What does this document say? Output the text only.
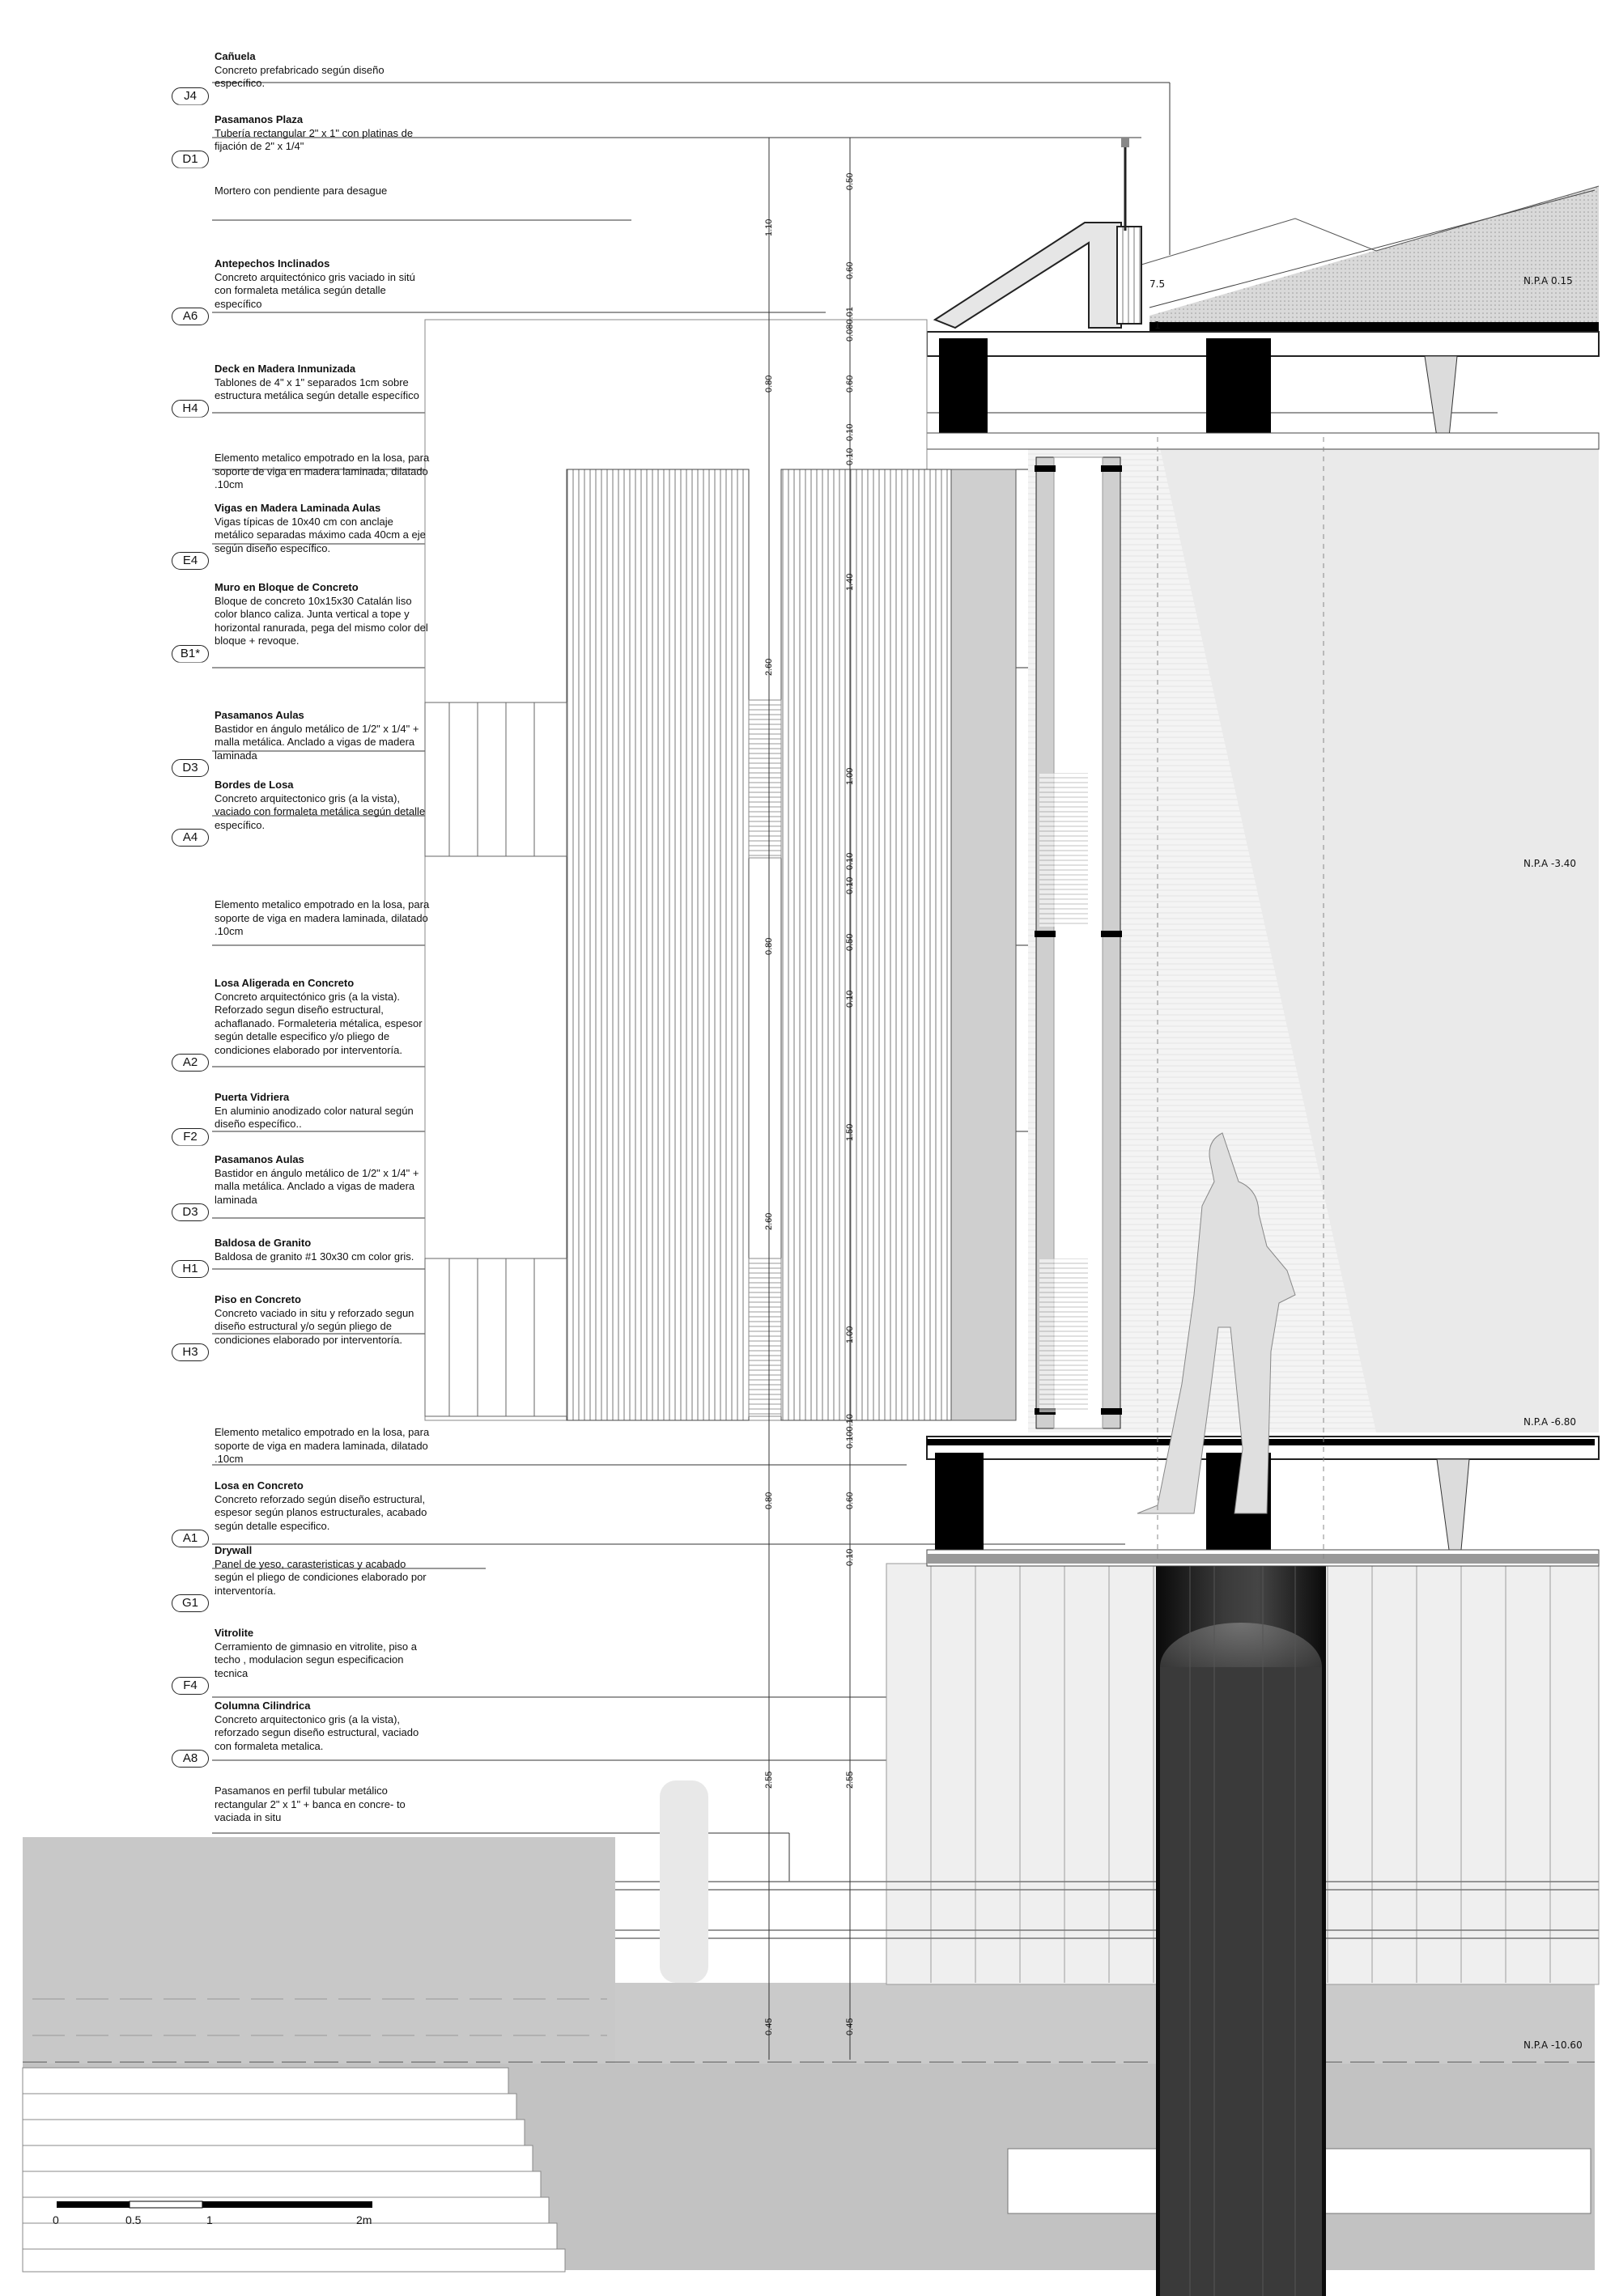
Cañuela
Concreto prefabricado según diseño específico.
J4
Pasamanos Plaza
Tubería rectangular 2" x 1" con platinas de fijación de 2" x 1/4"
D1
Mortero con pendiente para desague
Antepechos Inclinados
Concreto arquitectónico gris vaciado in sitú con formaleta metálica según detalle específico
A6
Deck en Madera Inmunizada
Tablones de 4" x 1" separados 1cm sobre estructura metálica según detalle específico
H4
Elemento metalico empotrado en la losa, para soporte de viga en madera laminada, dilatado .10cm
Vigas en Madera Laminada Aulas
Vigas típicas de 10x40 cm con anclaje metálico separadas máximo cada 40cm a eje según diseño específico.
E4
Muro en Bloque de Concreto
Bloque de concreto 10x15x30 Catalán liso color blanco caliza. Junta vertical a tope y horizontal ranurada, pega del mismo color del bloque + revoque.
B1*
Pasamanos Aulas
Bastidor en ángulo metálico de 1/2" x 1/4" + malla metálica. Anclado a vigas de madera laminada
D3
Bordes de Losa
Concreto arquitectonico gris (a la vista), vaciado con formaleta metálica según detalle específico.
A4
Elemento metalico empotrado en la losa, para soporte de viga en madera laminada, dilatado .10cm
Losa Aligerada en Concreto
Concreto arquitectónico gris (a la vista). Reforzado segun diseño estructural, achaflanado. Formaleteria métalica, espesor según detalle especifico y/o pliego de condiciones elaborado por interventoría.
A2
Puerta Vidriera
En aluminio anodizado color natural según diseño específico..
F2
Pasamanos Aulas
Bastidor en ángulo metálico de 1/2" x 1/4" + malla metálica. Anclado a vigas de madera laminada
D3
Baldosa de Granito
Baldosa de granito #1 30x30 cm color gris.
H1
Piso en Concreto
Concreto vaciado in situ y reforzado segun diseño estructural y/o según pliego de condiciones elaborado por interventoría.
H3
Elemento metalico empotrado en la losa, para soporte de viga en madera laminada, dilatado .10cm
Losa en Concreto
Concreto reforzado según diseño estructural, espesor según planos estructurales, acabado según detalle especifico.
A1
Drywall
Panel de yeso, carasteristicas y acabado según el pliego de condiciones elaborado por interventoría.
G1
Vitrolite
Cerramiento de gimnasio en vitrolite, piso a techo , modulacion segun especificacion tecnica
F4
Columna Cilindrica
Concreto arquitectonico gris (a la vista), reforzado segun diseño estructural, vaciado con formaleta metalica.
A8
Pasamanos en perfil tubular metálico rectangular 2" x 1" + banca en concre- to vaciada in situ
N.P.A 0.15
N.P.A -3.40
N.P.A -6.80
N.P.A -10.60
1.10
0.80
2.60
0.80
2.60
0.80
2.55
0.45
0.50
0.60
0.080.01
0.60
0.10
0.10
1.40
1.00
0.10
0.10
0.50
0.10
1.50
1.00
0.100.10
0.60
0.10
2.55
0.45
7.5
1
0	0.5	1	2m
